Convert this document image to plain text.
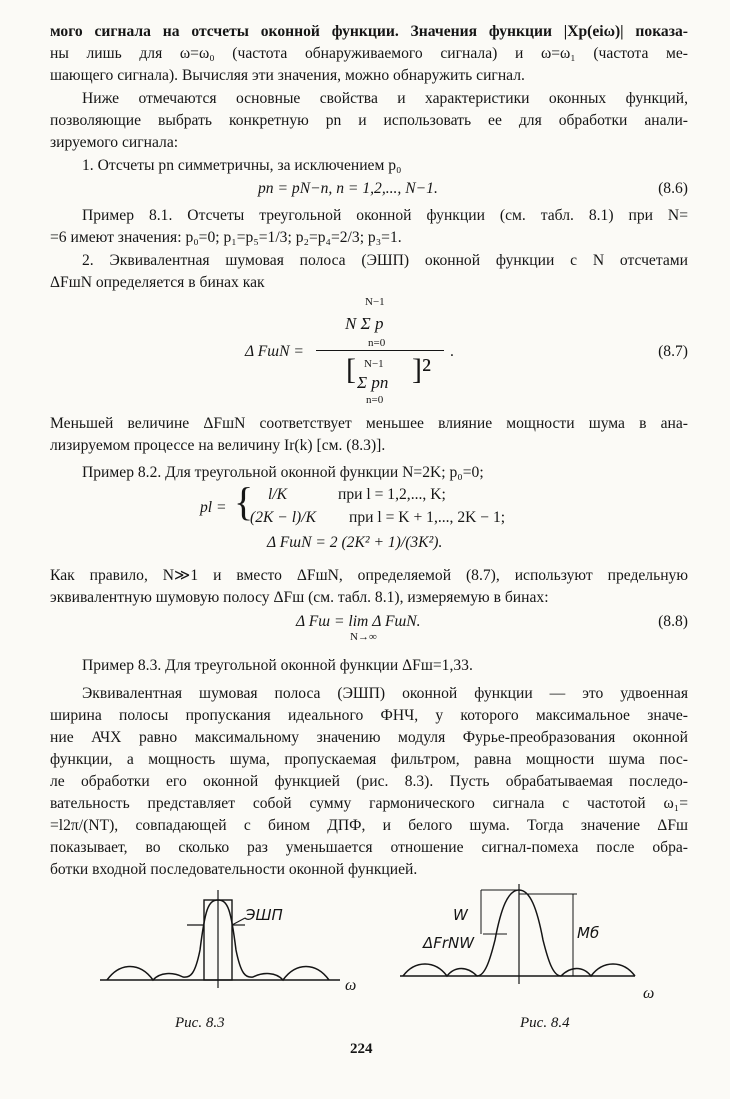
мого сигнала на отсчеты оконной функции. Значения функции |Xp(eiω)| показа-
ны лишь для ω=ω₀ (частота обнаруживаемого сигнала) и ω=ω₁ (частота ме-
шающего сигнала). Вычисляя эти значения, можно обнаружить сигнал.
Ниже отмечаются основные свойства и характеристики оконных функций,
позволяющие выбрать конкретную pn и использовать ее для обработки анали-
зируемого сигнала:
1. Отсчеты pn симметричны, за исключением p₀
pn = pN−n, n = 1,2,..., N−1.	(8.6)
Пример 8.1. Отсчеты треугольной оконной функции (см. табл. 8.1) при N=
=6 имеют значения: p₀=0; p₁=p₅=1/3; p₂=p₄=2/3; p₃=1.
2. Эквивалентная шумовая полоса (ЭШП) оконной функции с N отсчетами
ΔFшN определяется в бинах как
Δ FшN =
N−1
N Σ p
n=0
[ N−1
Σ pn
n=0
]²
.	(8.7)
Меньшей величине ΔFшN соответствует меньшее влияние мощности шума в ана-
лизируемом процессе на величину Ir(k) [см. (8.3)].
Пример 8.2. Для треугольной оконной функции N=2K; p₀=0;
pl = { l/K	при l = 1,2,..., K;
(2K − l)/K при l = K + 1,..., 2K − 1;
Δ FшN = 2 (2K² + 1)/(3K²).
Как правило, N≫1 и вместо ΔFшN, определяемой (8.7), используют предельную
эквивалентную шумовую полосу ΔFш (см. табл. 8.1), измеряемую в бинах:
Δ Fш = lim Δ FшN.
N→∞
(8.8)
Пример 8.3. Для треугольной оконной функции ΔFш=1,33.
Эквивалентная шумовая полоса (ЭШП) оконной функции — это удвоенная
ширина полосы пропускания идеального ФНЧ, у которого максимальное значе-
ние АЧХ равно максимальному значению модуля Фурье-преобразования оконной
функции, а мощность шума, пропускаемая фильтром, равна мощности шума пос-
ле обработки его оконной функцией (рис. 8.3). Пусть обрабатываемая последо-
вательность представляет собой сумму гармонического сигнала с частотой ω₁=
=l2π/(NT), совпадающей с бином ДПФ, и белого шума. Тогда значение ΔFш
показывает, во сколько раз уменьшается отношение сигнал-помеха после обра-
ботки входной последовательности оконной функцией.
ЭШП
ω
Рис. 8.3
W
ΔFrNW
Mб
ω
Рис. 8.4
224
